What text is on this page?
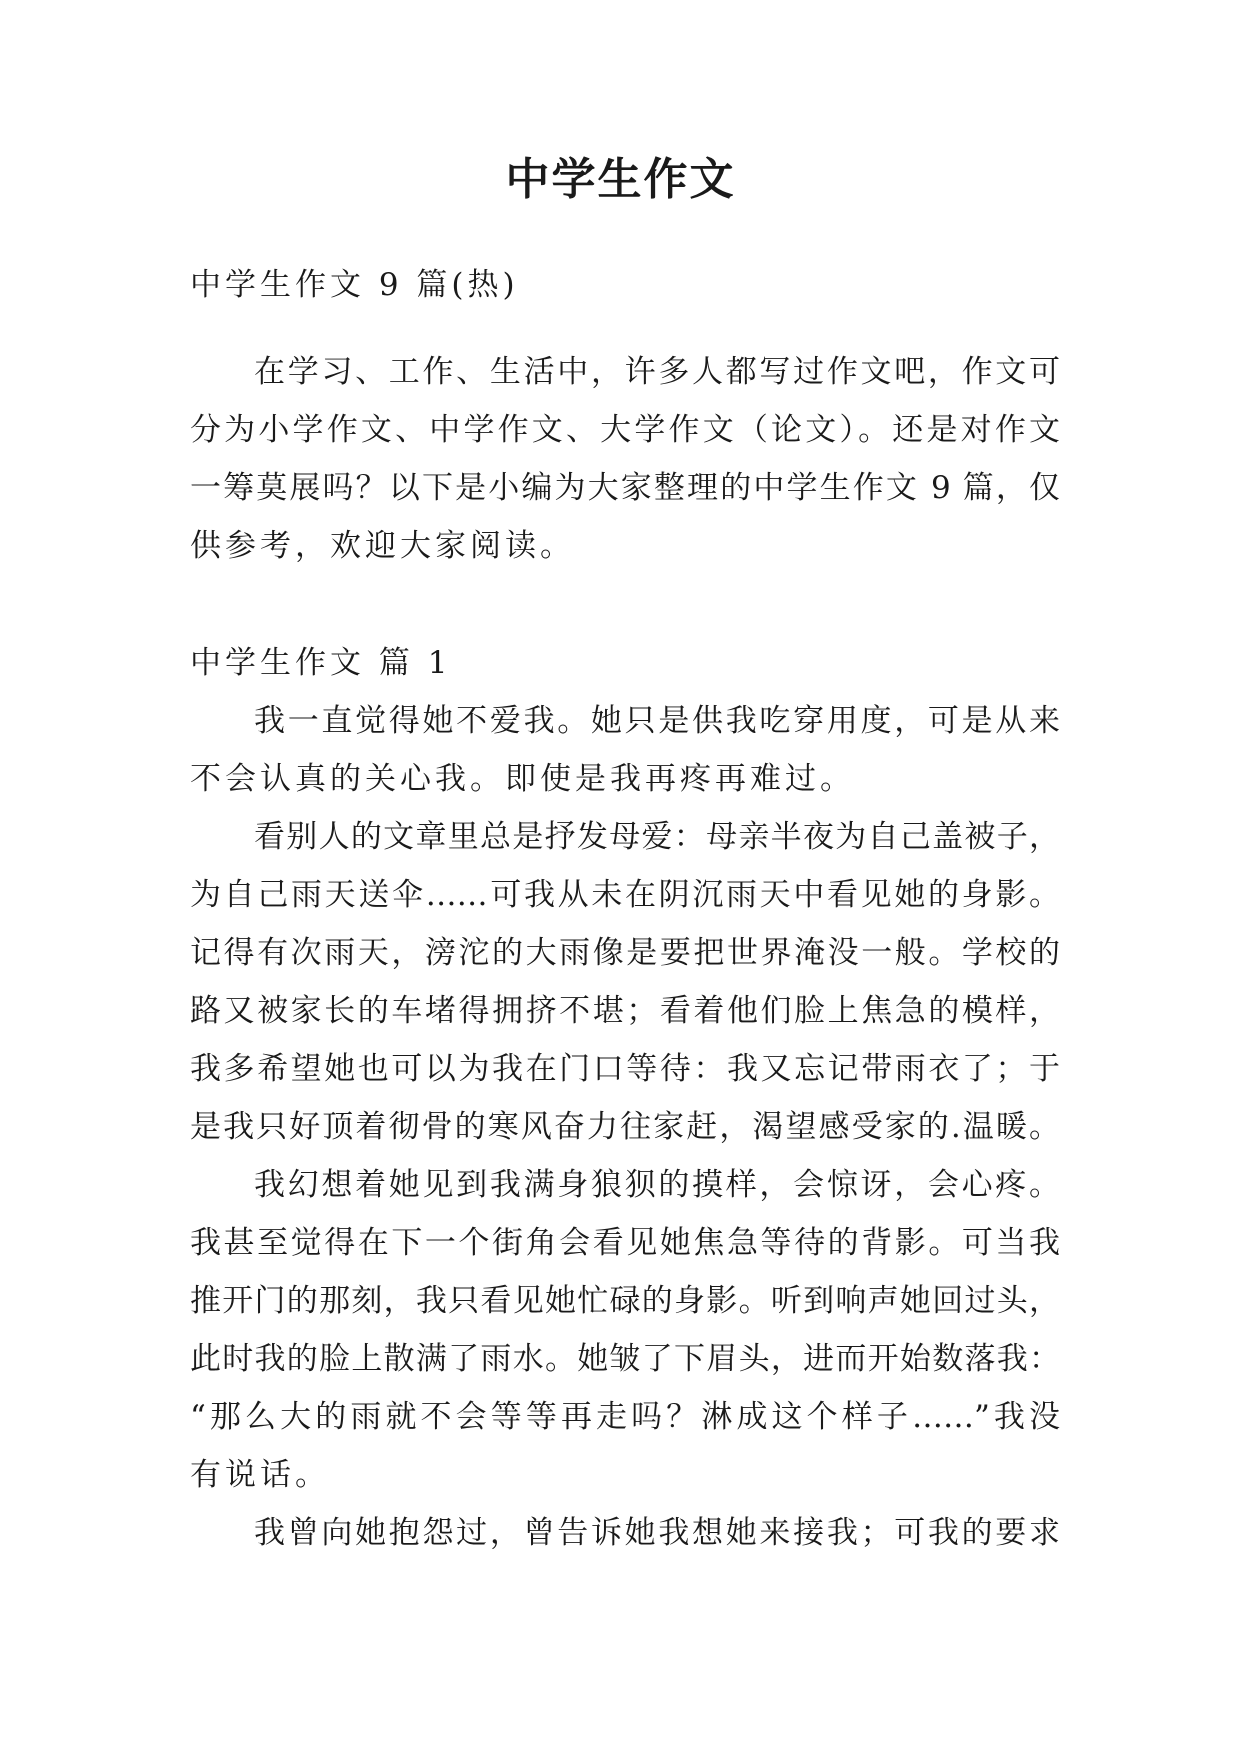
中学生作文

中学生作文 9 篇(热)

在学习、工作、生活中，许多人都写过作文吧，作文可

分为小学作文、中学作文、大学作文（论文）。还是对作文

一筹莫展吗？以下是小编为大家整理的中学生作文 9 篇，仅

供参考，欢迎大家阅读。

中学生作文 篇 1

我一直觉得她不爱我。她只是供我吃穿用度，可是从来

不会认真的关心我。即使是我再疼再难过。

看别人的文章里总是抒发母爱：母亲半夜为自己盖被子，

为自己雨天送伞……可我从未在阴沉雨天中看见她的身影。

记得有次雨天，滂沱的大雨像是要把世界淹没一般。学校的

路又被家长的车堵得拥挤不堪；看着他们脸上焦急的模样，

我多希望她也可以为我在门口等待：我又忘记带雨衣了；于

是我只好顶着彻骨的寒风奋力往家赶，渴望感受家的.温暖。

我幻想着她见到我满身狼狈的摸样，会惊讶，会心疼。

我甚至觉得在下一个街角会看见她焦急等待的背影。可当我

推开门的那刻，我只看见她忙碌的身影。听到响声她回过头，

此时我的脸上散满了雨水。她皱了下眉头，进而开始数落我：

“那么大的雨就不会等等再走吗？淋成这个样子……”我没

有说话。

我曾向她抱怨过，曾告诉她我想她来接我；可我的要求
